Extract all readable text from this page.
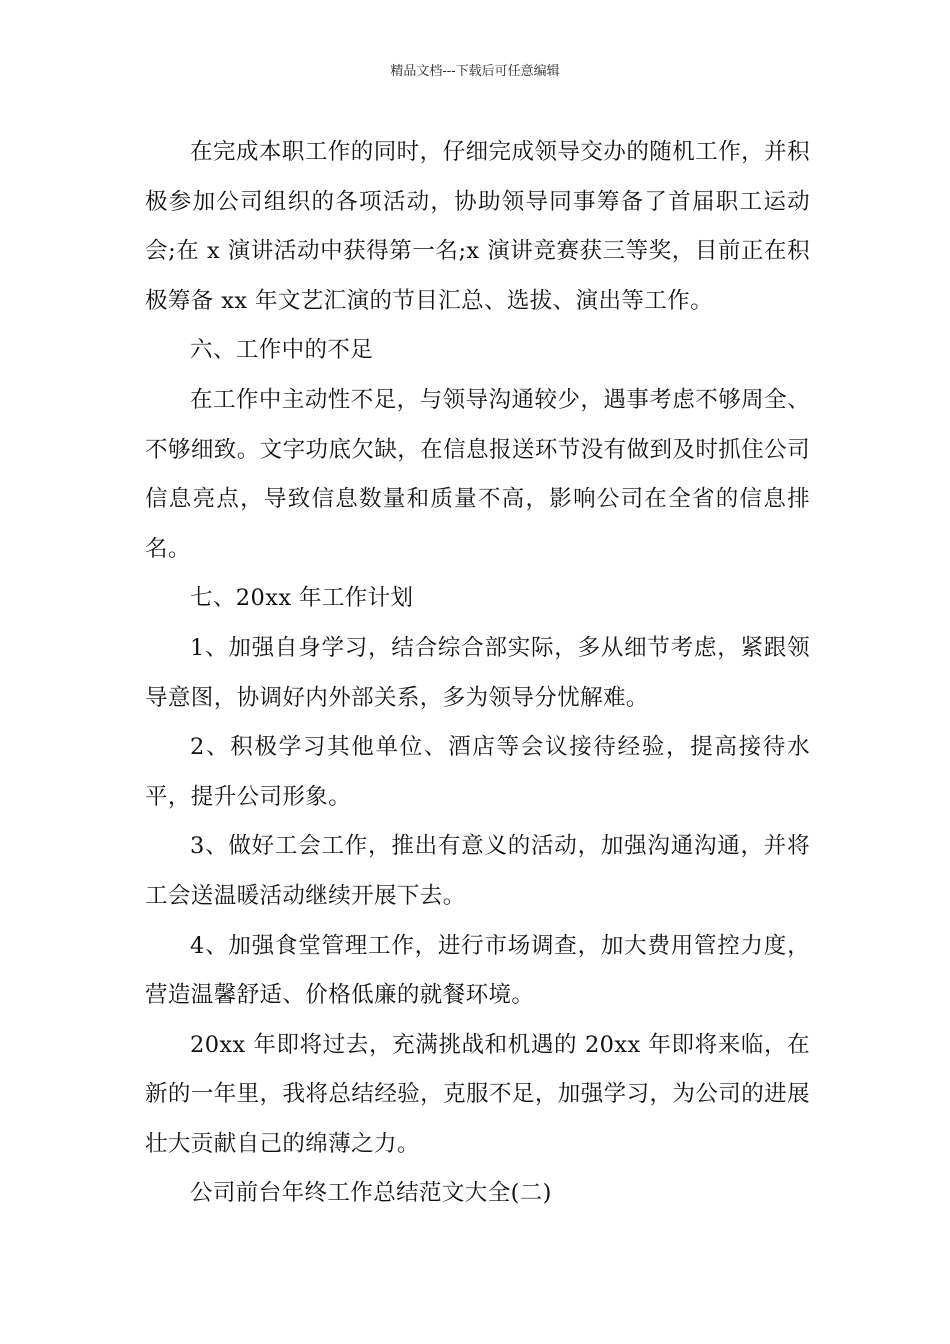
精品文档---下载后可任意编辑

在完成本职工作的同时，仔细完成领导交办的随机工作，并积极参加公司组织的各项活动，协助领导同事筹备了首届职工运动会;在 x 演讲活动中获得第一名;x 演讲竞赛获三等奖，目前正在积极筹备 xx 年文艺汇演的节目汇总、选拔、演出等工作。

六、工作中的不足

在工作中主动性不足，与领导沟通较少，遇事考虑不够周全、不够细致。文字功底欠缺，在信息报送环节没有做到及时抓住公司信息亮点，导致信息数量和质量不高，影响公司在全省的信息排名。

七、20xx 年工作计划

1、加强自身学习，结合综合部实际，多从细节考虑，紧跟领导意图，协调好内外部关系，多为领导分忧解难。

2、积极学习其他单位、酒店等会议接待经验，提高接待水平，提升公司形象。

3、做好工会工作，推出有意义的活动，加强沟通沟通，并将工会送温暖活动继续开展下去。

4、加强食堂管理工作，进行市场调查，加大费用管控力度，营造温馨舒适、价格低廉的就餐环境。

20xx 年即将过去，充满挑战和机遇的 20xx 年即将来临，在新的一年里，我将总结经验，克服不足，加强学习，为公司的进展壮大贡献自己的绵薄之力。

公司前台年终工作总结范文大全(二)
